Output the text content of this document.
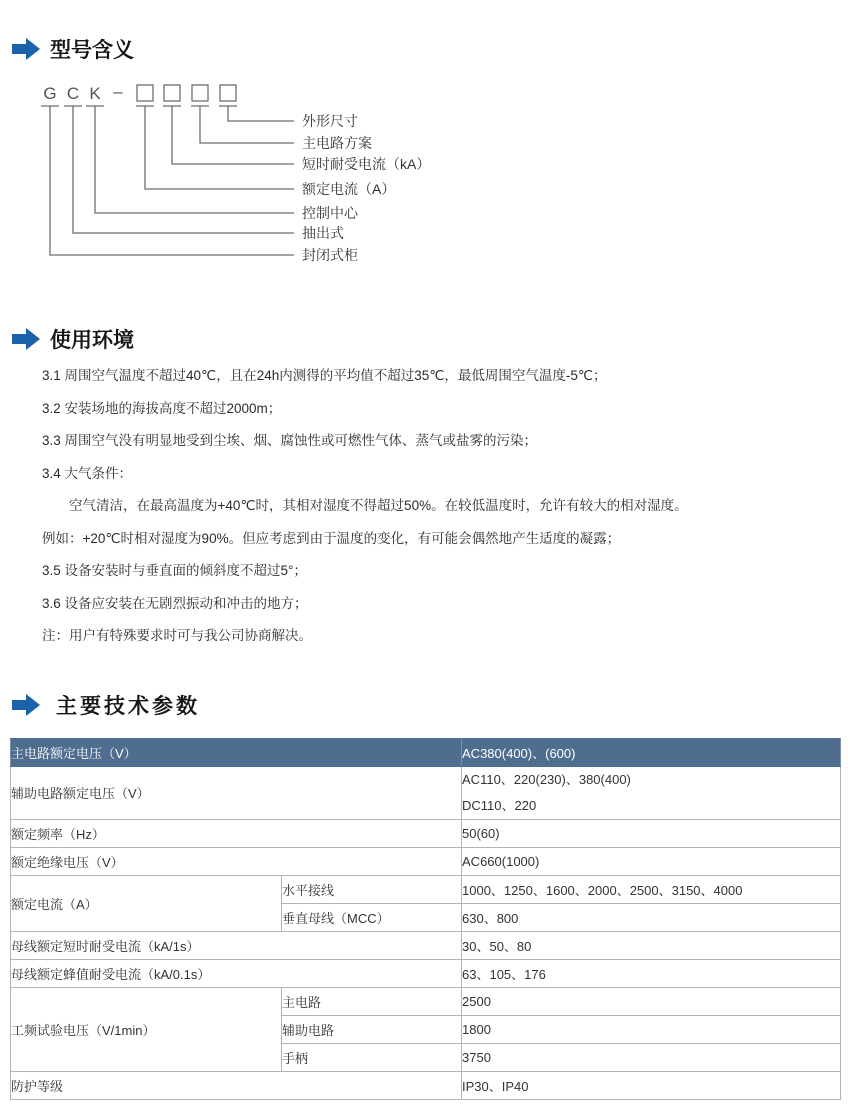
型号含义
G C K –
外形尺寸
主电路方案
短时耐受电流（kA）
额定电流（A）
控制中心
抽出式
封闭式柜
使用环境

3.1 周围空气温度不超过40℃，且在24h内测得的平均值不超过35℃，最低周围空气温度-5℃；

3.2 安装场地的海拔高度不超过2000m；

3.3 周围空气没有明显地受到尘埃、烟、腐蚀性或可燃性气体、蒸气或盐雾的污染；

3.4 大气条件：

空气清洁，在最高温度为+40℃时，其相对湿度不得超过50%。在较低温度时，允许有较大的相对湿度。

例如：+20℃时相对湿度为90%。但应考虑到由于温度的变化，有可能会偶然地产生适度的凝露；

3.5 设备安装时与垂直面的倾斜度不超过5°；

3.6 设备应安装在无剧烈振动和冲击的地方；

注：用户有特殊要求时可与我公司协商解决。

主要技术参数
主电路额定电压（V）		AC380(400)、(600)
辅助电路额定电压（V）		AC110、220(230)、380(400)
DC110、220

额定频率（Hz）		50(60)
额定绝缘电压（V）		AC660(1000)
额定电流（A）	水平接线	1000、1250、1600、2000、2500、3150、4000
	垂直母线（MCC）	630、800
母线额定短时耐受电流（kA/1s）		30、50、80
母线额定蜂值耐受电流（kA/0.1s）		63、105、176
工频试验电压（V/1min）	主电路	2500
	辅助电路	1800
	手柄	3750
防护等级		IP30、IP40
